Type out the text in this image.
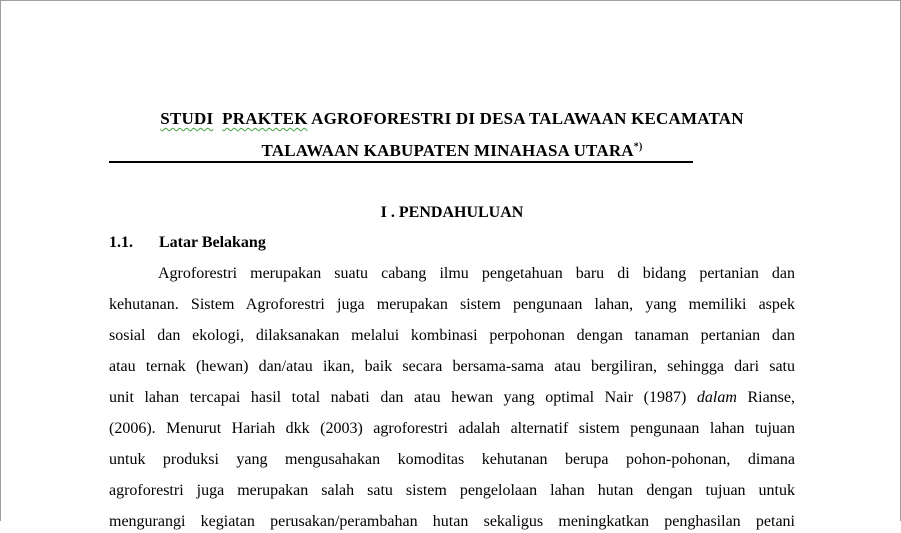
STUDI PRAKTEK AGROFORESTRI DI DESA TALAWAAN KECAMATAN
TALAWAAN KABUPATEN MINAHASA UTARA*)
I . PENDAHULUAN
1.1. Latar Belakang
Agroforestri merupakan suatu cabang ilmu pengetahuan baru di bidang pertanian dan
kehutanan. Sistem Agroforestri juga merupakan sistem pengunaan lahan, yang memiliki aspek
sosial dan ekologi, dilaksanakan melalui kombinasi perpohonan dengan tanaman pertanian dan
atau ternak (hewan) dan/atau ikan, baik secara bersama-sama atau bergiliran, sehingga dari satu
unit lahan tercapai hasil total nabati dan atau hewan yang optimal Nair (1987) dalam Rianse,
(2006). Menurut Hariah dkk (2003) agroforestri adalah alternatif sistem pengunaan lahan tujuan
untuk produksi yang mengusahakan komoditas kehutanan berupa pohon-pohonan, dimana
agroforestri juga merupakan salah satu sistem pengelolaan lahan hutan dengan tujuan untuk
mengurangi kegiatan perusakan/perambahan hutan sekaligus meningkatkan penghasilan petani
